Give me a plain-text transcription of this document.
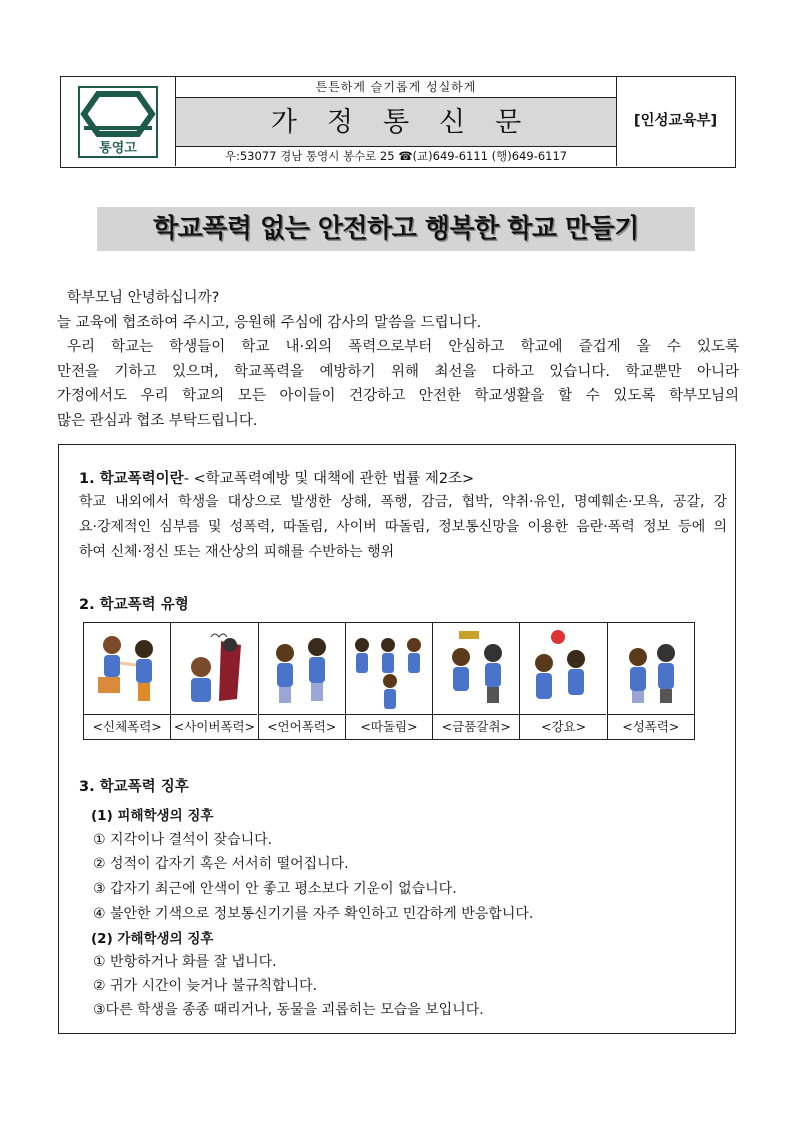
통영고
튼튼하게 슬기롭게 성실하게
가정통신문
우:53077 경남 통영시 봉수로 25 ☎(교)649-6111 (행)649-6117
[인성교육부]
학교폭력 없는 안전하고 행복한 학교 만들기

학부모님 안녕하십니까?

늘 교육에 협조하여 주시고, 응원해 주심에 감사의 말씀을 드립니다.

우리 학교는 학생들이 학교 내·외의 폭력으로부터 안심하고 학교에 즐겁게 올 수 있도록

만전을 기하고 있으며, 학교폭력을 예방하기 위해 최선을 다하고 있습니다. 학교뿐만 아니라

가정에서도 우리 학교의 모든 아이들이 건강하고 안전한 학교생활을 할 수 있도록 학부모님의

많은 관심과 협조 부탁드립니다.

1. 학교폭력이란- <학교폭력예방 및 대책에 관한 법률 제2조>
학교 내외에서 학생을 대상으로 발생한 상해, 폭행, 감금, 협박, 약취·유인, 명예훼손·모욕, 공갈, 강
요·강제적인 심부름 및 성폭력, 따돌림, 사이버 따돌림, 정보통신망을 이용한 음란·폭력 정보 등에 의
하여 신체·정신 또는 재산상의 피해를 수반하는 행위
2. 학교폭력 유형
<신체폭력> <사이버폭력> <언어폭력>	<따돌림>	<금품갈취>	<강요>	<성폭력>
3. 학교폭력 징후
(1) 피해학생의 징후
① 지각이나 결석이 잦습니다.
② 성적이 갑자기 혹은 서서히 떨어집니다.
③ 갑자기 최근에 안색이 안 좋고 평소보다 기운이 없습니다.
④ 불안한 기색으로 정보통신기기를 자주 확인하고 민감하게 반응합니다.
(2) 가해학생의 징후
① 반항하거나 화를 잘 냅니다.
② 귀가 시간이 늦거나 불규칙합니다.
③다른 학생을 종종 때리거나, 동물을 괴롭히는 모습을 보입니다.
